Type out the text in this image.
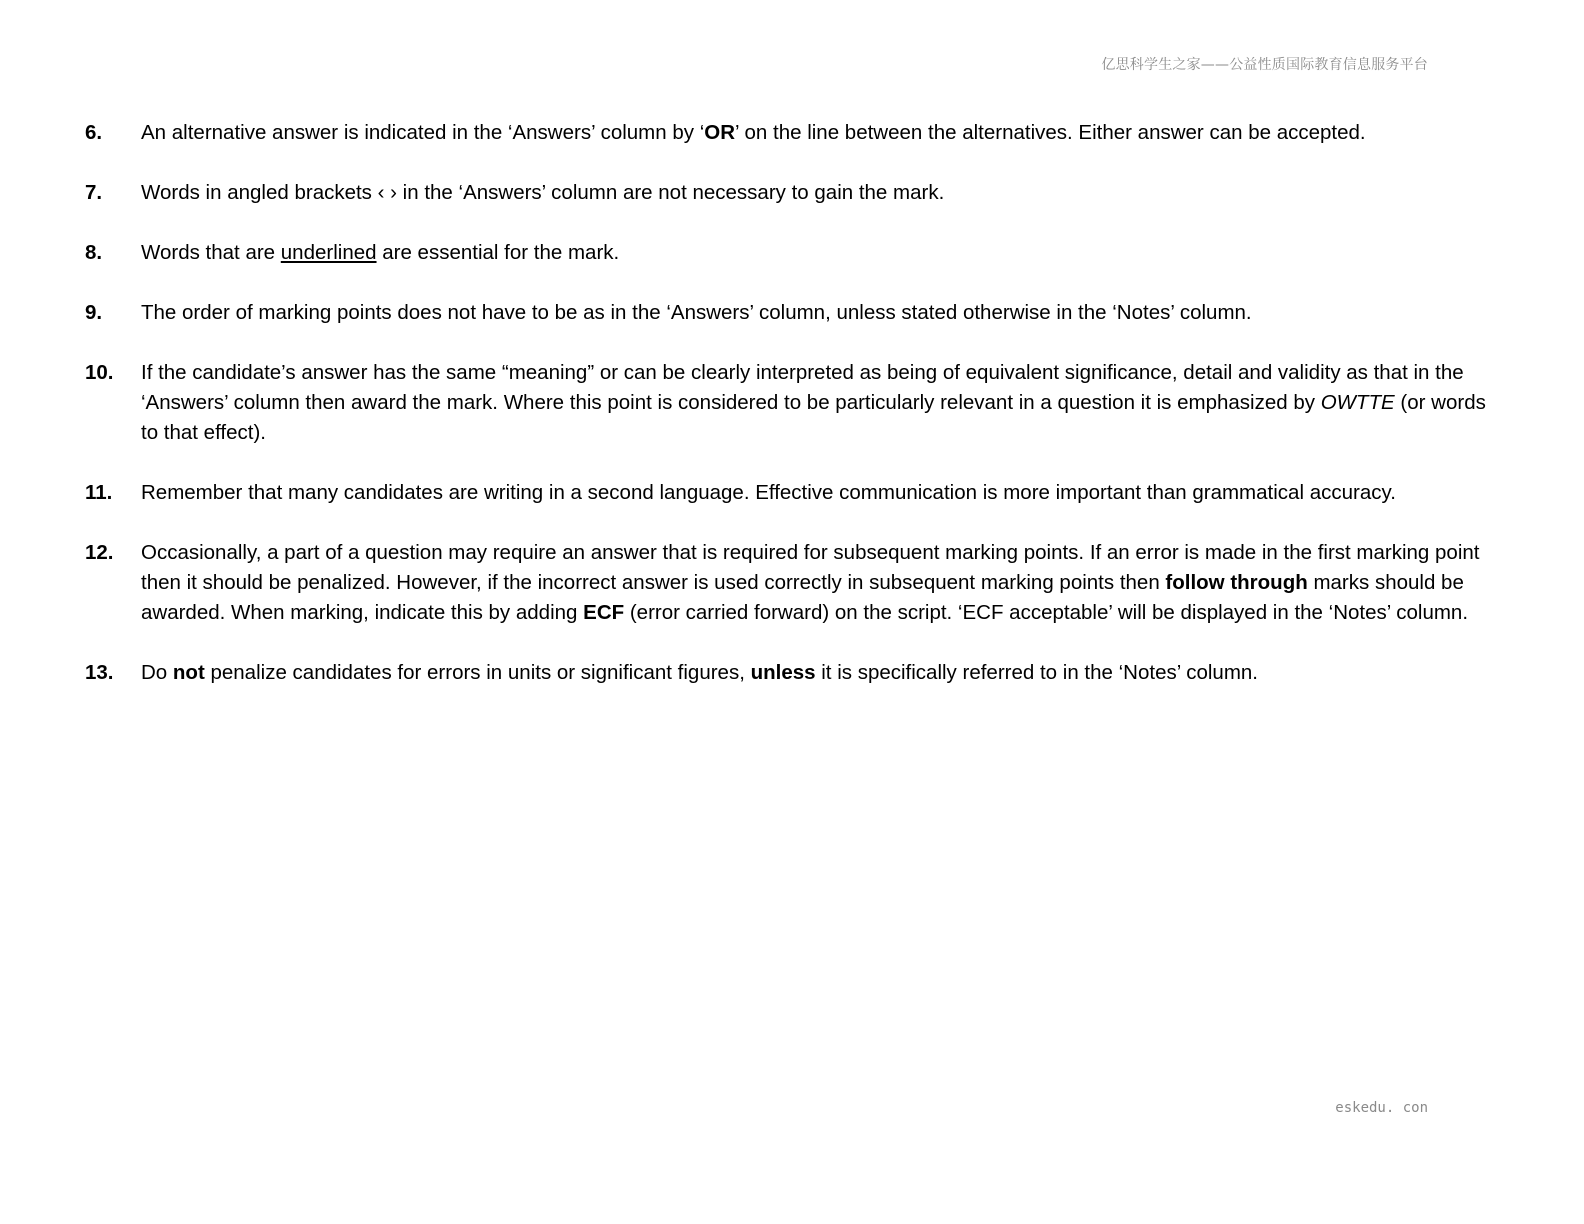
亿思科学生之家——公益性质国际教育信息服务平台
6.	An alternative answer is indicated in the ‘Answers’ column by ‘OR’ on the line between the alternatives. Either answer can be accepted.
7.	Words in angled brackets ‹ › in the ‘Answers’ column are not necessary to gain the mark.
8.	Words that are underlined are essential for the mark.
9.	The order of marking points does not have to be as in the ‘Answers’ column, unless stated otherwise in the ‘Notes’ column.
10.	If the candidate’s answer has the same “meaning” or can be clearly interpreted as being of equivalent significance, detail and validity as that in the ‘Answers’ column then award the mark. Where this point is considered to be particularly relevant in a question it is emphasized by OWTTE (or words to that effect).
11.	Remember that many candidates are writing in a second language. Effective communication is more important than grammatical accuracy.
12.	Occasionally, a part of a question may require an answer that is required for subsequent marking points. If an error is made in the first marking point then it should be penalized. However, if the incorrect answer is used correctly in subsequent marking points then follow through marks should be awarded. When marking, indicate this by adding ECF (error carried forward) on the script. ‘ECF acceptable’ will be displayed in the ‘Notes’ column.
13.	Do not penalize candidates for errors in units or significant figures, unless it is specifically referred to in the ‘Notes’ column.
eskedu. con
